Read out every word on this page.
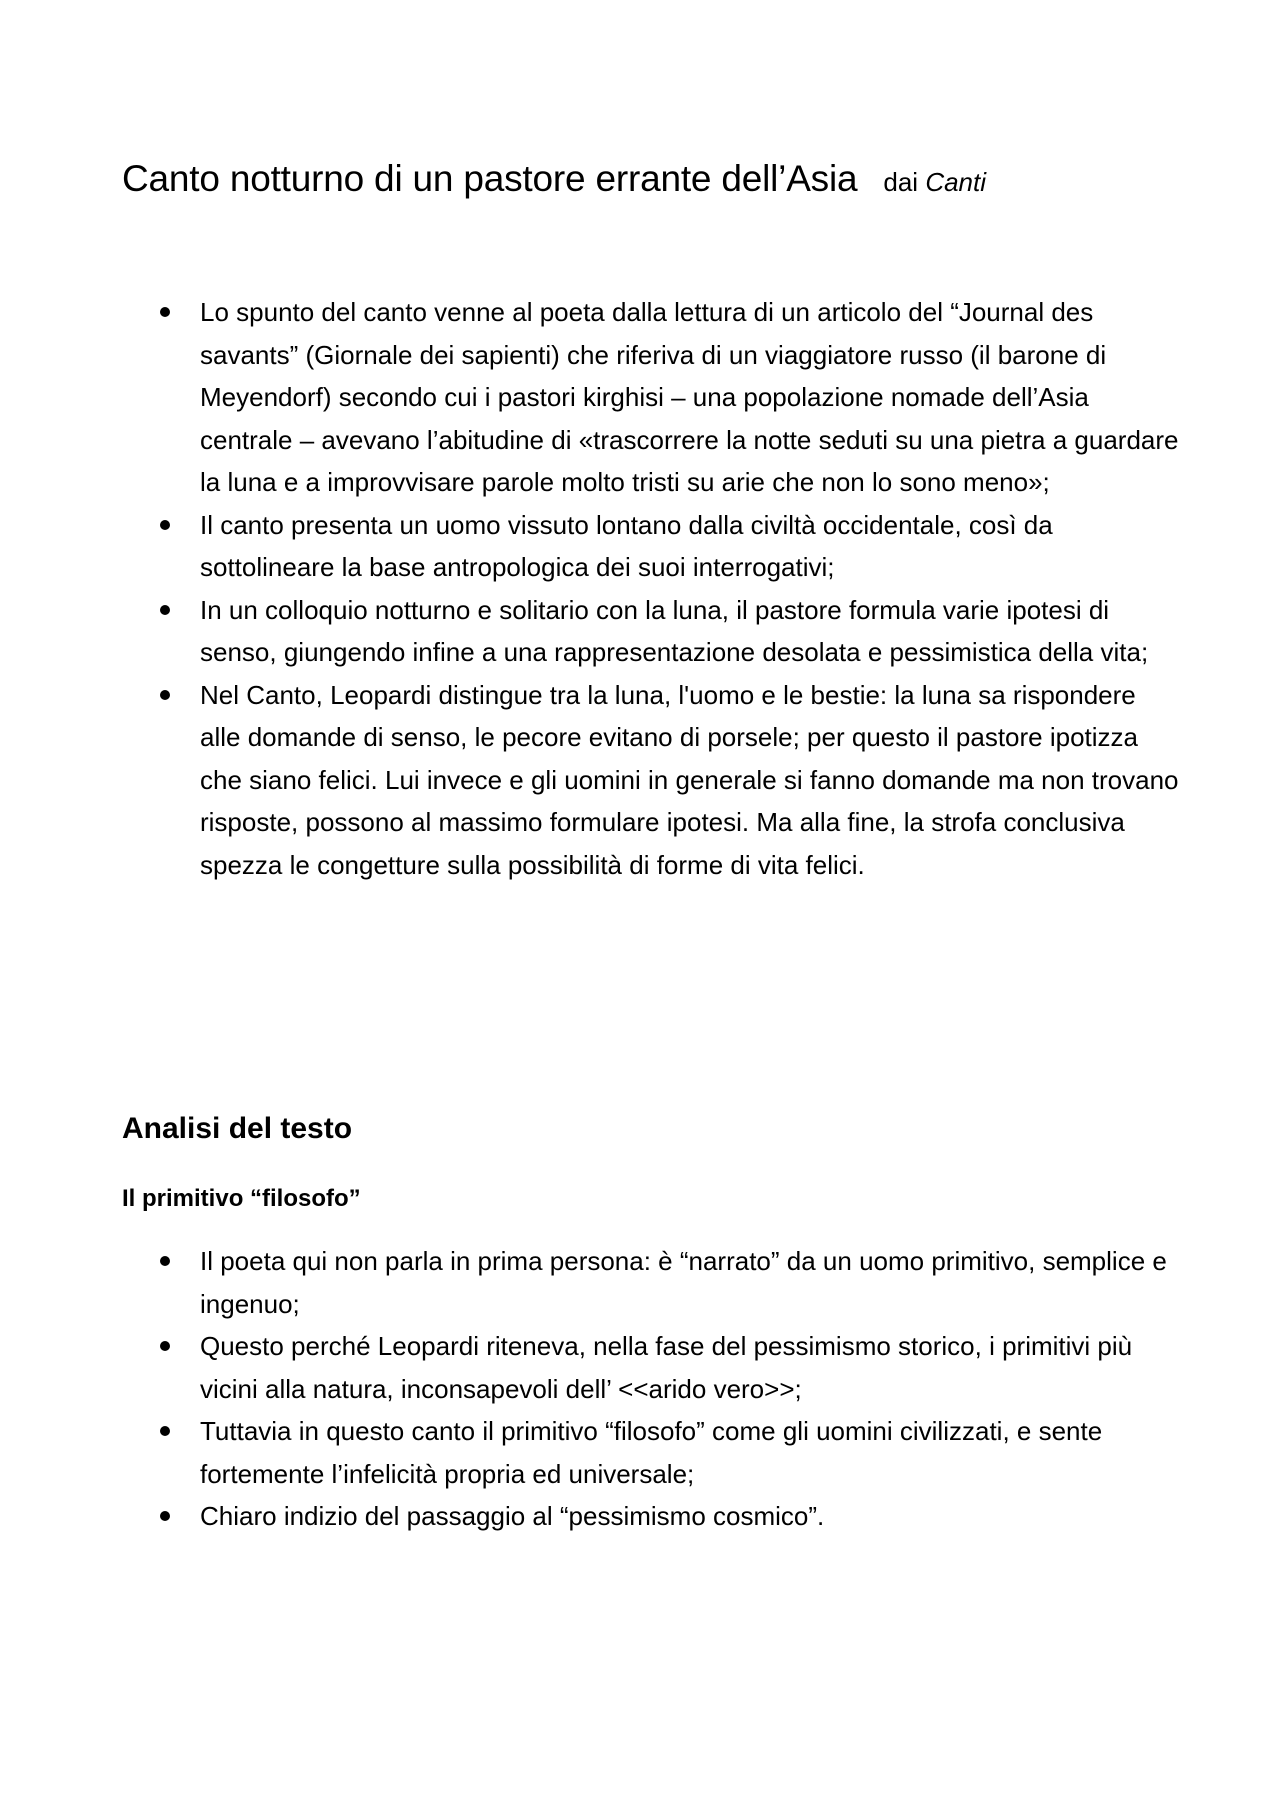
Canto notturno di un pastore errante dell’Asia dai Canti
Lo spunto del canto venne al poeta dalla lettura di un articolo del “Journal des savants” (Giornale dei sapienti) che riferiva di un viaggiatore russo (il barone di Meyendorf) secondo cui i pastori kirghisi – una popolazione nomade dell’Asia centrale – avevano l’abitudine di «trascorrere la notte seduti su una pietra a guardare la luna e a improvvisare parole molto tristi su arie che non lo sono meno»;
Il canto presenta un uomo vissuto lontano dalla civiltà occidentale, così da sottolineare la base antropologica dei suoi interrogativi;
In un colloquio notturno e solitario con la luna, il pastore formula varie ipotesi di senso, giungendo infine a una rappresentazione desolata e pessimistica della vita;
Nel Canto, Leopardi distingue tra la luna, l'uomo e le bestie: la luna sa rispondere alle domande di senso, le pecore evitano di porsele; per questo il pastore ipotizza che siano felici. Lui invece e gli uomini in generale si fanno domande ma non trovano risposte, possono al massimo formulare ipotesi. Ma alla fine, la strofa conclusiva spezza le congetture sulla possibilità di forme di vita felici.
Analisi del testo
Il primitivo “filosofo”
Il poeta qui non parla in prima persona: è “narrato” da un uomo primitivo, semplice e ingenuo;
Questo perché Leopardi riteneva, nella fase del pessimismo storico, i primitivi più vicini alla natura, inconsapevoli dell’ <<arido vero>>;
Tuttavia in questo canto il primitivo “filosofo” come gli uomini civilizzati, e sente fortemente l’infelicità propria ed universale;
Chiaro indizio del passaggio al “pessimismo cosmico”.
